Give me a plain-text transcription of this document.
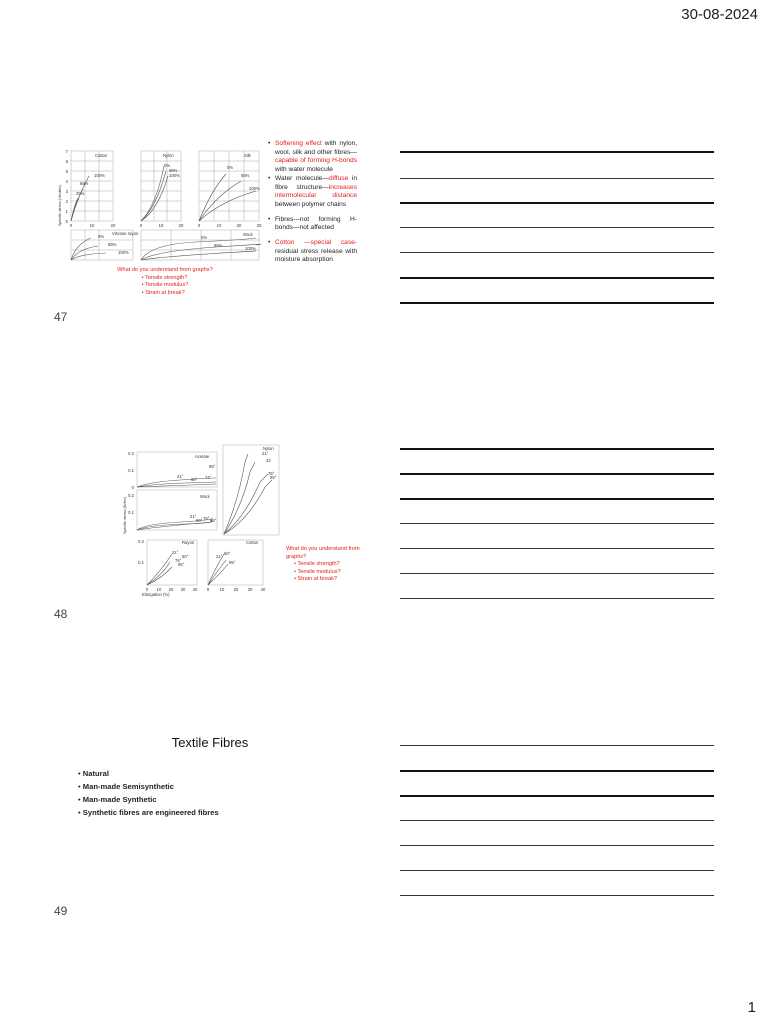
30-08-2024
Cotton	Nylon	Silk
Viscose rayon	Wool
100%
65%
25%
0%
65%
100%
0%
65%
100%
0%
65%
100%
0%
65%
100%
7
6
5
4
3
2
1
0
0	10	20	0	10	20	0	10	20	30
Specific stress (cN/dtex)
What do you understand from graphs?
• Tensile strength?
• Tensile modulus?
• Strain at break?
• Softening effect with nylon, wool, silk and other fibres—capable of forming H-bonds with water molecule
• Water molecule—diffuse in fibre structure—increases intermolecular distance between polymer chains
• Fibres---not forming H-bonds—not affected
• Cotton —special case- residual stress release with moisture absorption
47
Acetate
95°
21°
60° 74°
Wool
21°
60° 76° 95°
Nylon
21°
42
76°
95°
Rayon
21°
60°
76°
95°
Cotton
21°
60°
95°
0.2
0.1
0
0.2
0.1
0.2
0.1
0 10 20 30 40 0 10 20 30 40
Elongation (%)
Specific stress (N/tex)
What do you understand from graphs?
• Tensile strength?
• Tensile modulus?
• Strain at break?
48
Textile Fibres
• Natural
• Man-made Semisynthetic
• Man-made Synthetic
• Synthetic fibres are engineered fibres
49
1
